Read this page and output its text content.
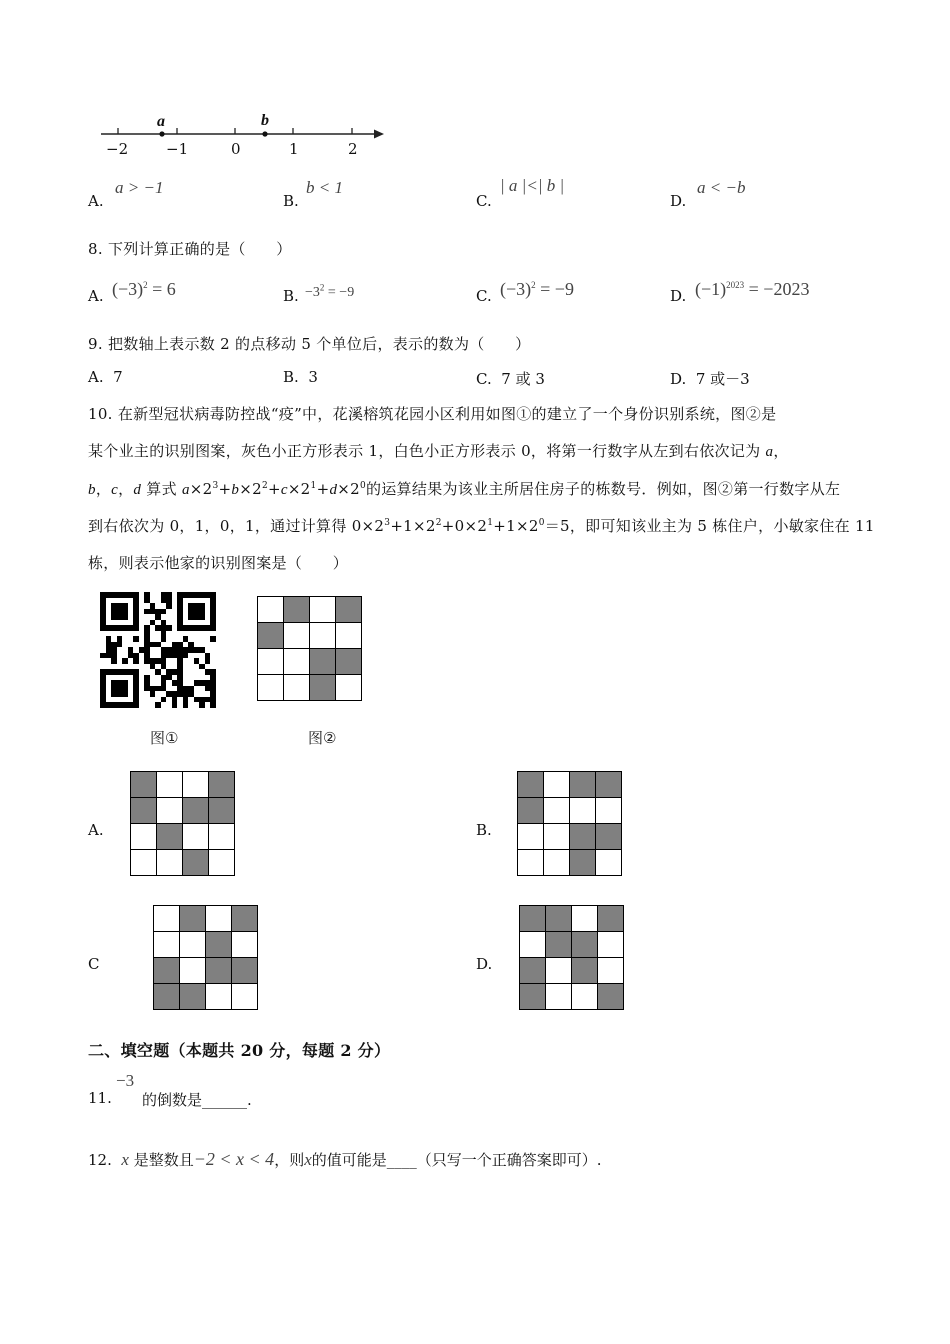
a	b
−2	−1	0	1	2
A.
a > −1
B.
b < 1
C.
| a |<| b |
D.
a < −b
8. 下列计算正确的是（　　）
A. $(-3)^2 = 6$	B. $-3^2 = -9$	C. $(-3)^2 = -9$	D. $(-1)^{2023} = -2023$
9. 把数轴上表示数 2 的点移动 5 个单位后，表示的数为（　　）
A. 7	B. 3	C. 7 或 3	D. 7 或－3
10. 在新型冠状病毒防控战“疫”中，花溪榕筑花园小区利用如图①的建立了一个身份识别系统，图②是
某个业主的识别图案，灰色小正方形表示 1，白色小正方形表示 0，将第一行数字从左到右依次记为 a，
b，c，d 算式 $a\times 2^3+b\times 2^2+c\times 2^1+d\times 2^0$的运算结果为该业主所居住房子的栋数号．例如，图②第一行数字从左
到右依次为 0，1，0，1，通过计算得 $0\times 2^3+1\times 2^2+0\times 2^1+1\times 2^0=5$，即可知该业主为 5 栋住户，小敏家住在 11
栋，则表示他家的识别图案是（　　）
图①	图②
A.	B.
C	D.
二、填空题（本题共 20 分，每题 2 分）
11.
−3
的倒数是______.
12. x 是整数且−2 < x < 4，则x的值可能是____（只写一个正确答案即可）.
